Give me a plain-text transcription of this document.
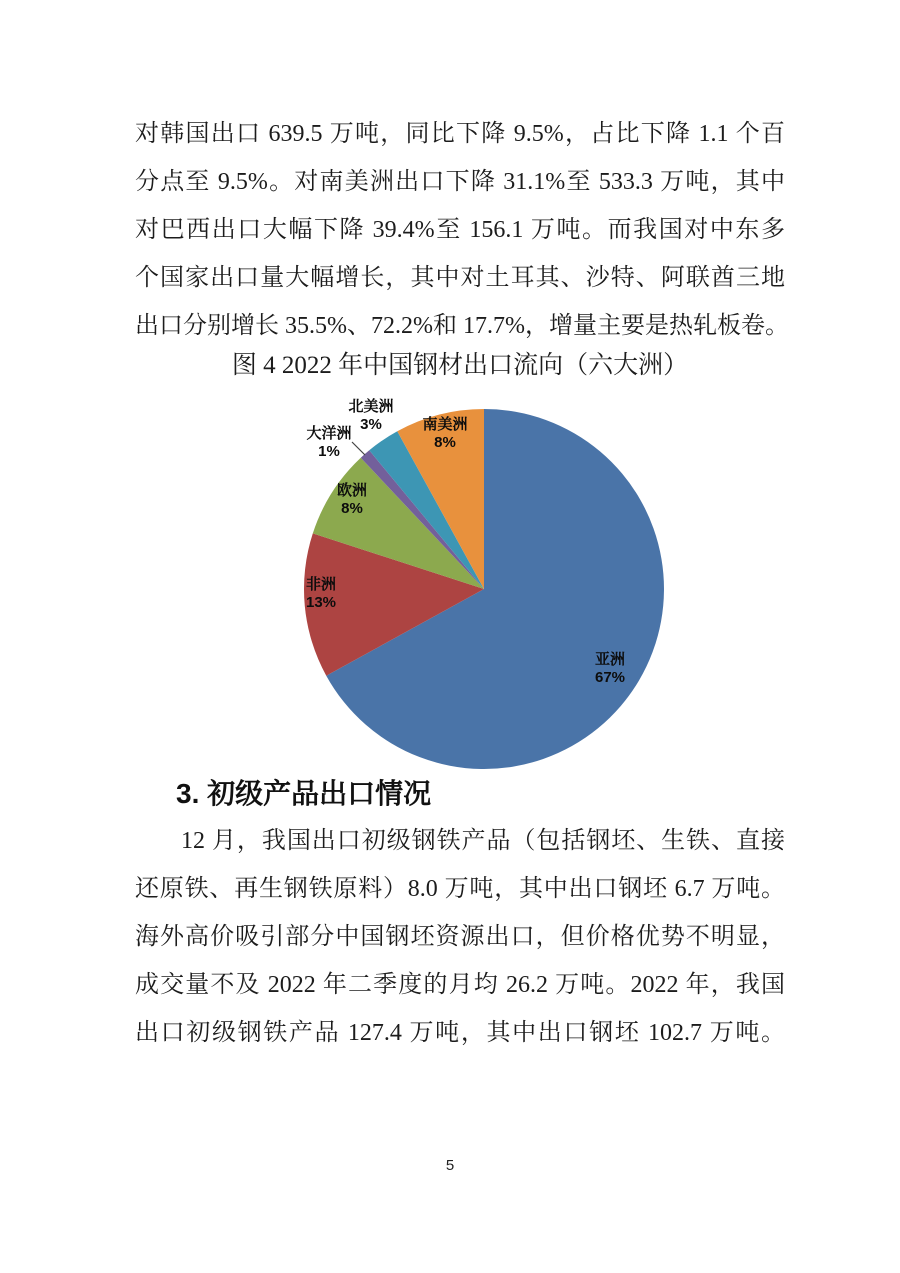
对韩国出口 639.5 万吨，同比下降 9.5%，占比下降 1.1 个百
分点至 9.5%。对南美洲出口下降 31.1%至 533.3 万吨，其中
对巴西出口大幅下降 39.4%至 156.1 万吨。而我国对中东多
个国家出口量大幅增长，其中对土耳其、沙特、阿联酋三地
出口分别增长 35.5%、72.2%和 17.7%，增量主要是热轧板卷。
图 4 2022 年中国钢材出口流向（六大洲）
北美洲
3%
大洋洲
1%
南美洲
8%
欧洲
8%
非洲
13%
亚洲
67%
3. 初级产品出口情况
12 月，我国出口初级钢铁产品（包括钢坯、生铁、直接
还原铁、再生钢铁原料）8.0 万吨，其中出口钢坯 6.7 万吨。
海外高价吸引部分中国钢坯资源出口，但价格优势不明显，
成交量不及 2022 年二季度的月均 26.2 万吨。2022 年，我国
出口初级钢铁产品 127.4 万吨，其中出口钢坯 102.7 万吨。
5
